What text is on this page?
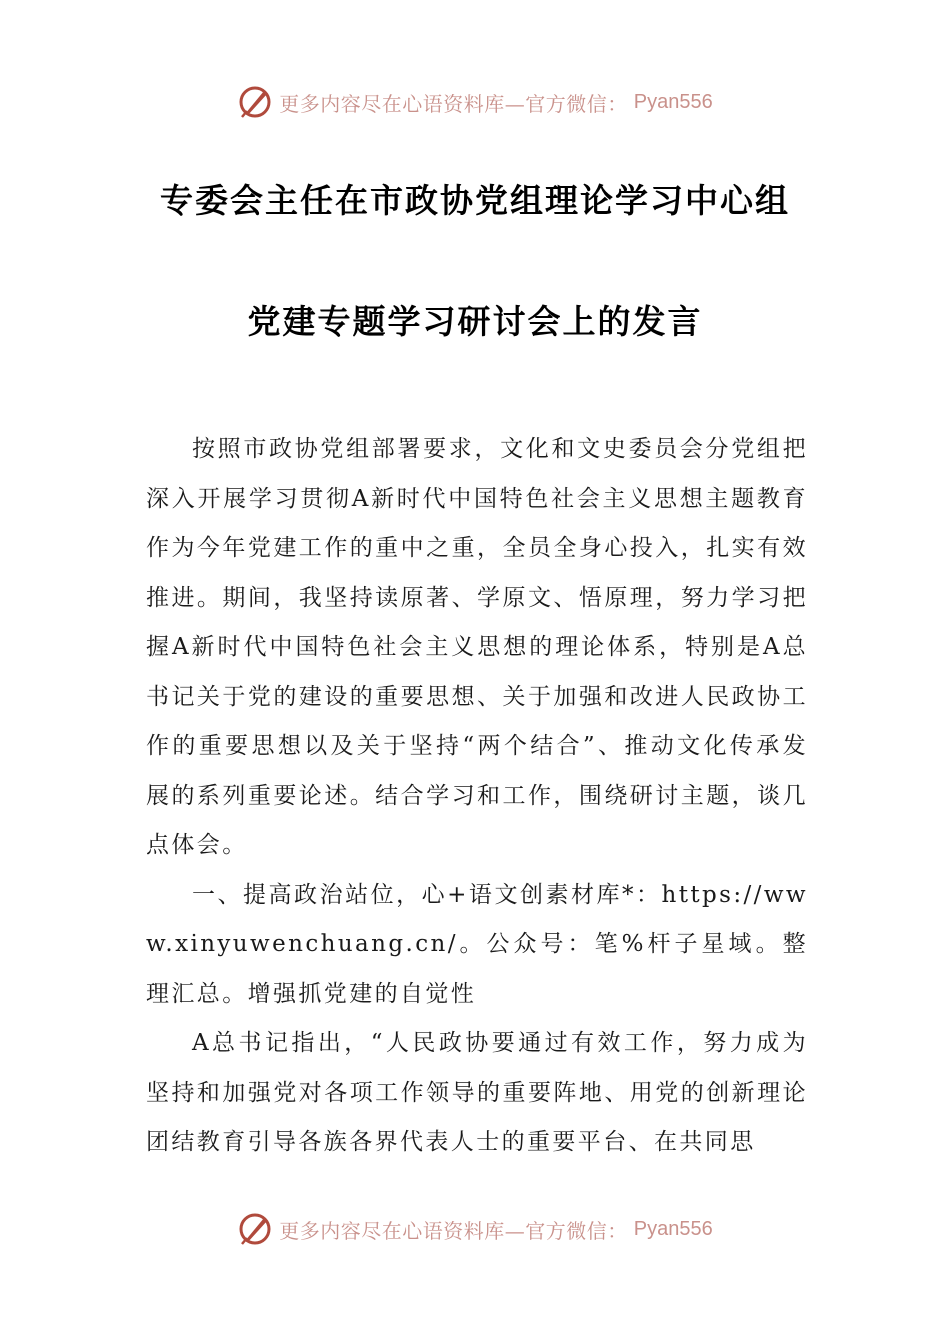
更多内容尽在心语资料库—官方微信： Pyan556
专委会主任在市政协党组理论学习中心组
党建专题学习研讨会上的发言

按照市政协党组部署要求，文化和文史委员会分党组把深入开展学习贯彻A新时代中国特色社会主义思想主题教育作为今年党建工作的重中之重，全员全身心投入，扎实有效推进。期间，我坚持读原著、学原文、悟原理，努力学习把握A新时代中国特色社会主义思想的理论体系，特别是A总书记关于党的建设的重要思想、关于加强和改进人民政协工作的重要思想以及关于坚持“两个结合”、推动文化传承发展的系列重要论述。结合学习和工作，围绕研讨主题，谈几点体会。

一、提高政治站位，心+语文创素材库*：https://www.xinyuwenchuang.cn/。公众号：笔%杆子星域。整理汇总。增强抓党建的自觉性

A总书记指出，“人民政协要通过有效工作，努力成为坚持和加强党对各项工作领导的重要阵地、用党的创新理论团结教育引导各族各界代表人士的重要平台、在共同思

更多内容尽在心语资料库—官方微信： Pyan556
